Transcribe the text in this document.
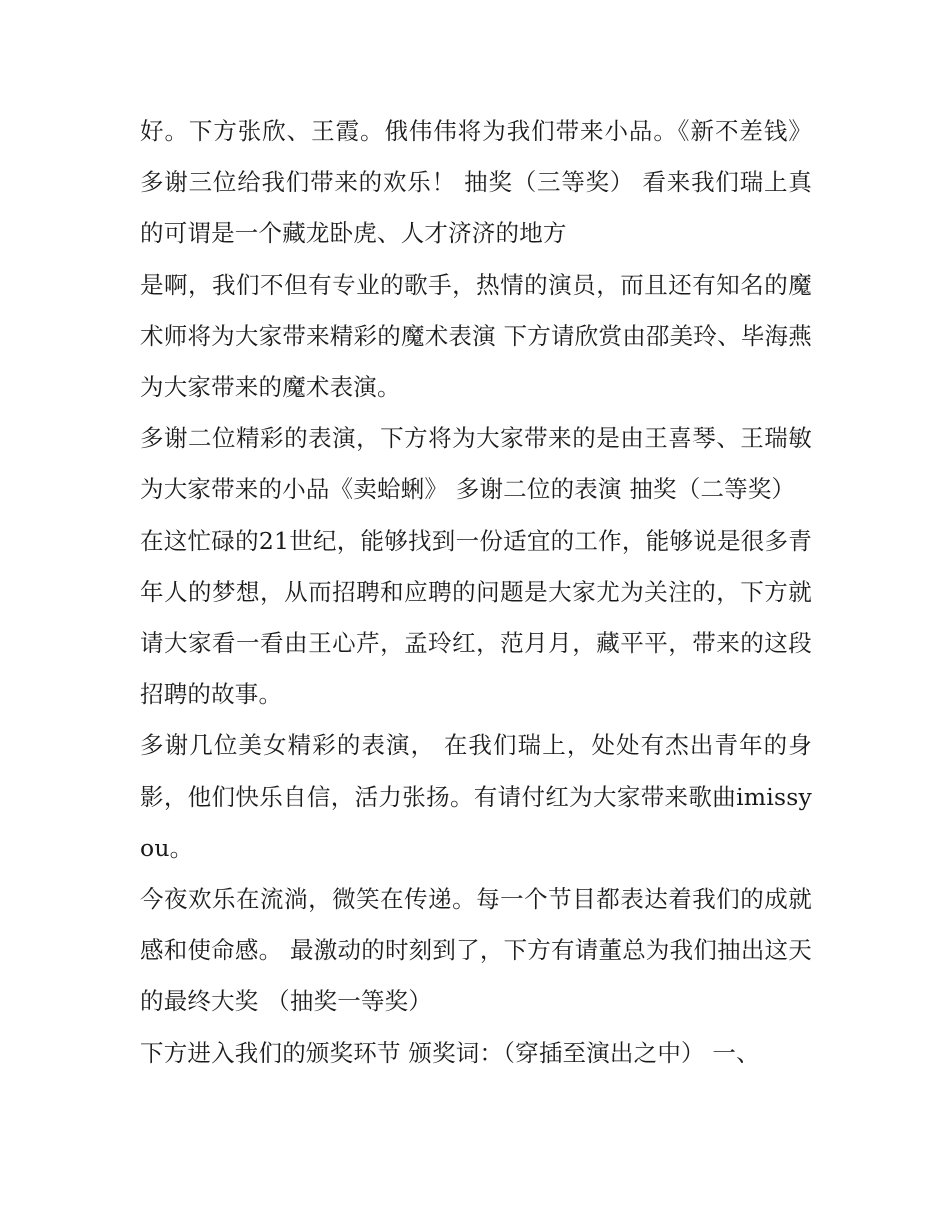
好。下方张欣、王霞。俄伟伟将为我们带来小品。《新不差钱》 多谢三位给我们带来的欢乐！ 抽奖（三等奖） 看来我们瑞上真的可谓是一个藏龙卧虎、人才济济的地方

是啊，我们不但有专业的歌手，热情的演员，而且还有知名的魔术师将为大家带来精彩的魔术表演 下方请欣赏由邵美玲、毕海燕为大家带来的魔术表演。

多谢二位精彩的表演，下方将为大家带来的是由王喜琴、王瑞敏为大家带来的小品《卖蛤蜊》 多谢二位的表演 抽奖（二等奖）

在这忙碌的21世纪，能够找到一份适宜的工作，能够说是很多青年人的梦想，从而招聘和应聘的问题是大家尤为关注的，下方就请大家看一看由王心芹，孟玲红，范月月，藏平平，带来的这段招聘的故事。

多谢几位美女精彩的表演， 在我们瑞上，处处有杰出青年的身影，他们快乐自信，活力张扬。有请付红为大家带来歌曲imissyou。

今夜欢乐在流淌，微笑在传递。每一个节目都表达着我们的成就感和使命感。 最激动的时刻到了，下方有请董总为我们抽出这天的最终大奖 （抽奖一等奖）

下方进入我们的颁奖环节 颁奖词：（穿插至演出之中） 一、
